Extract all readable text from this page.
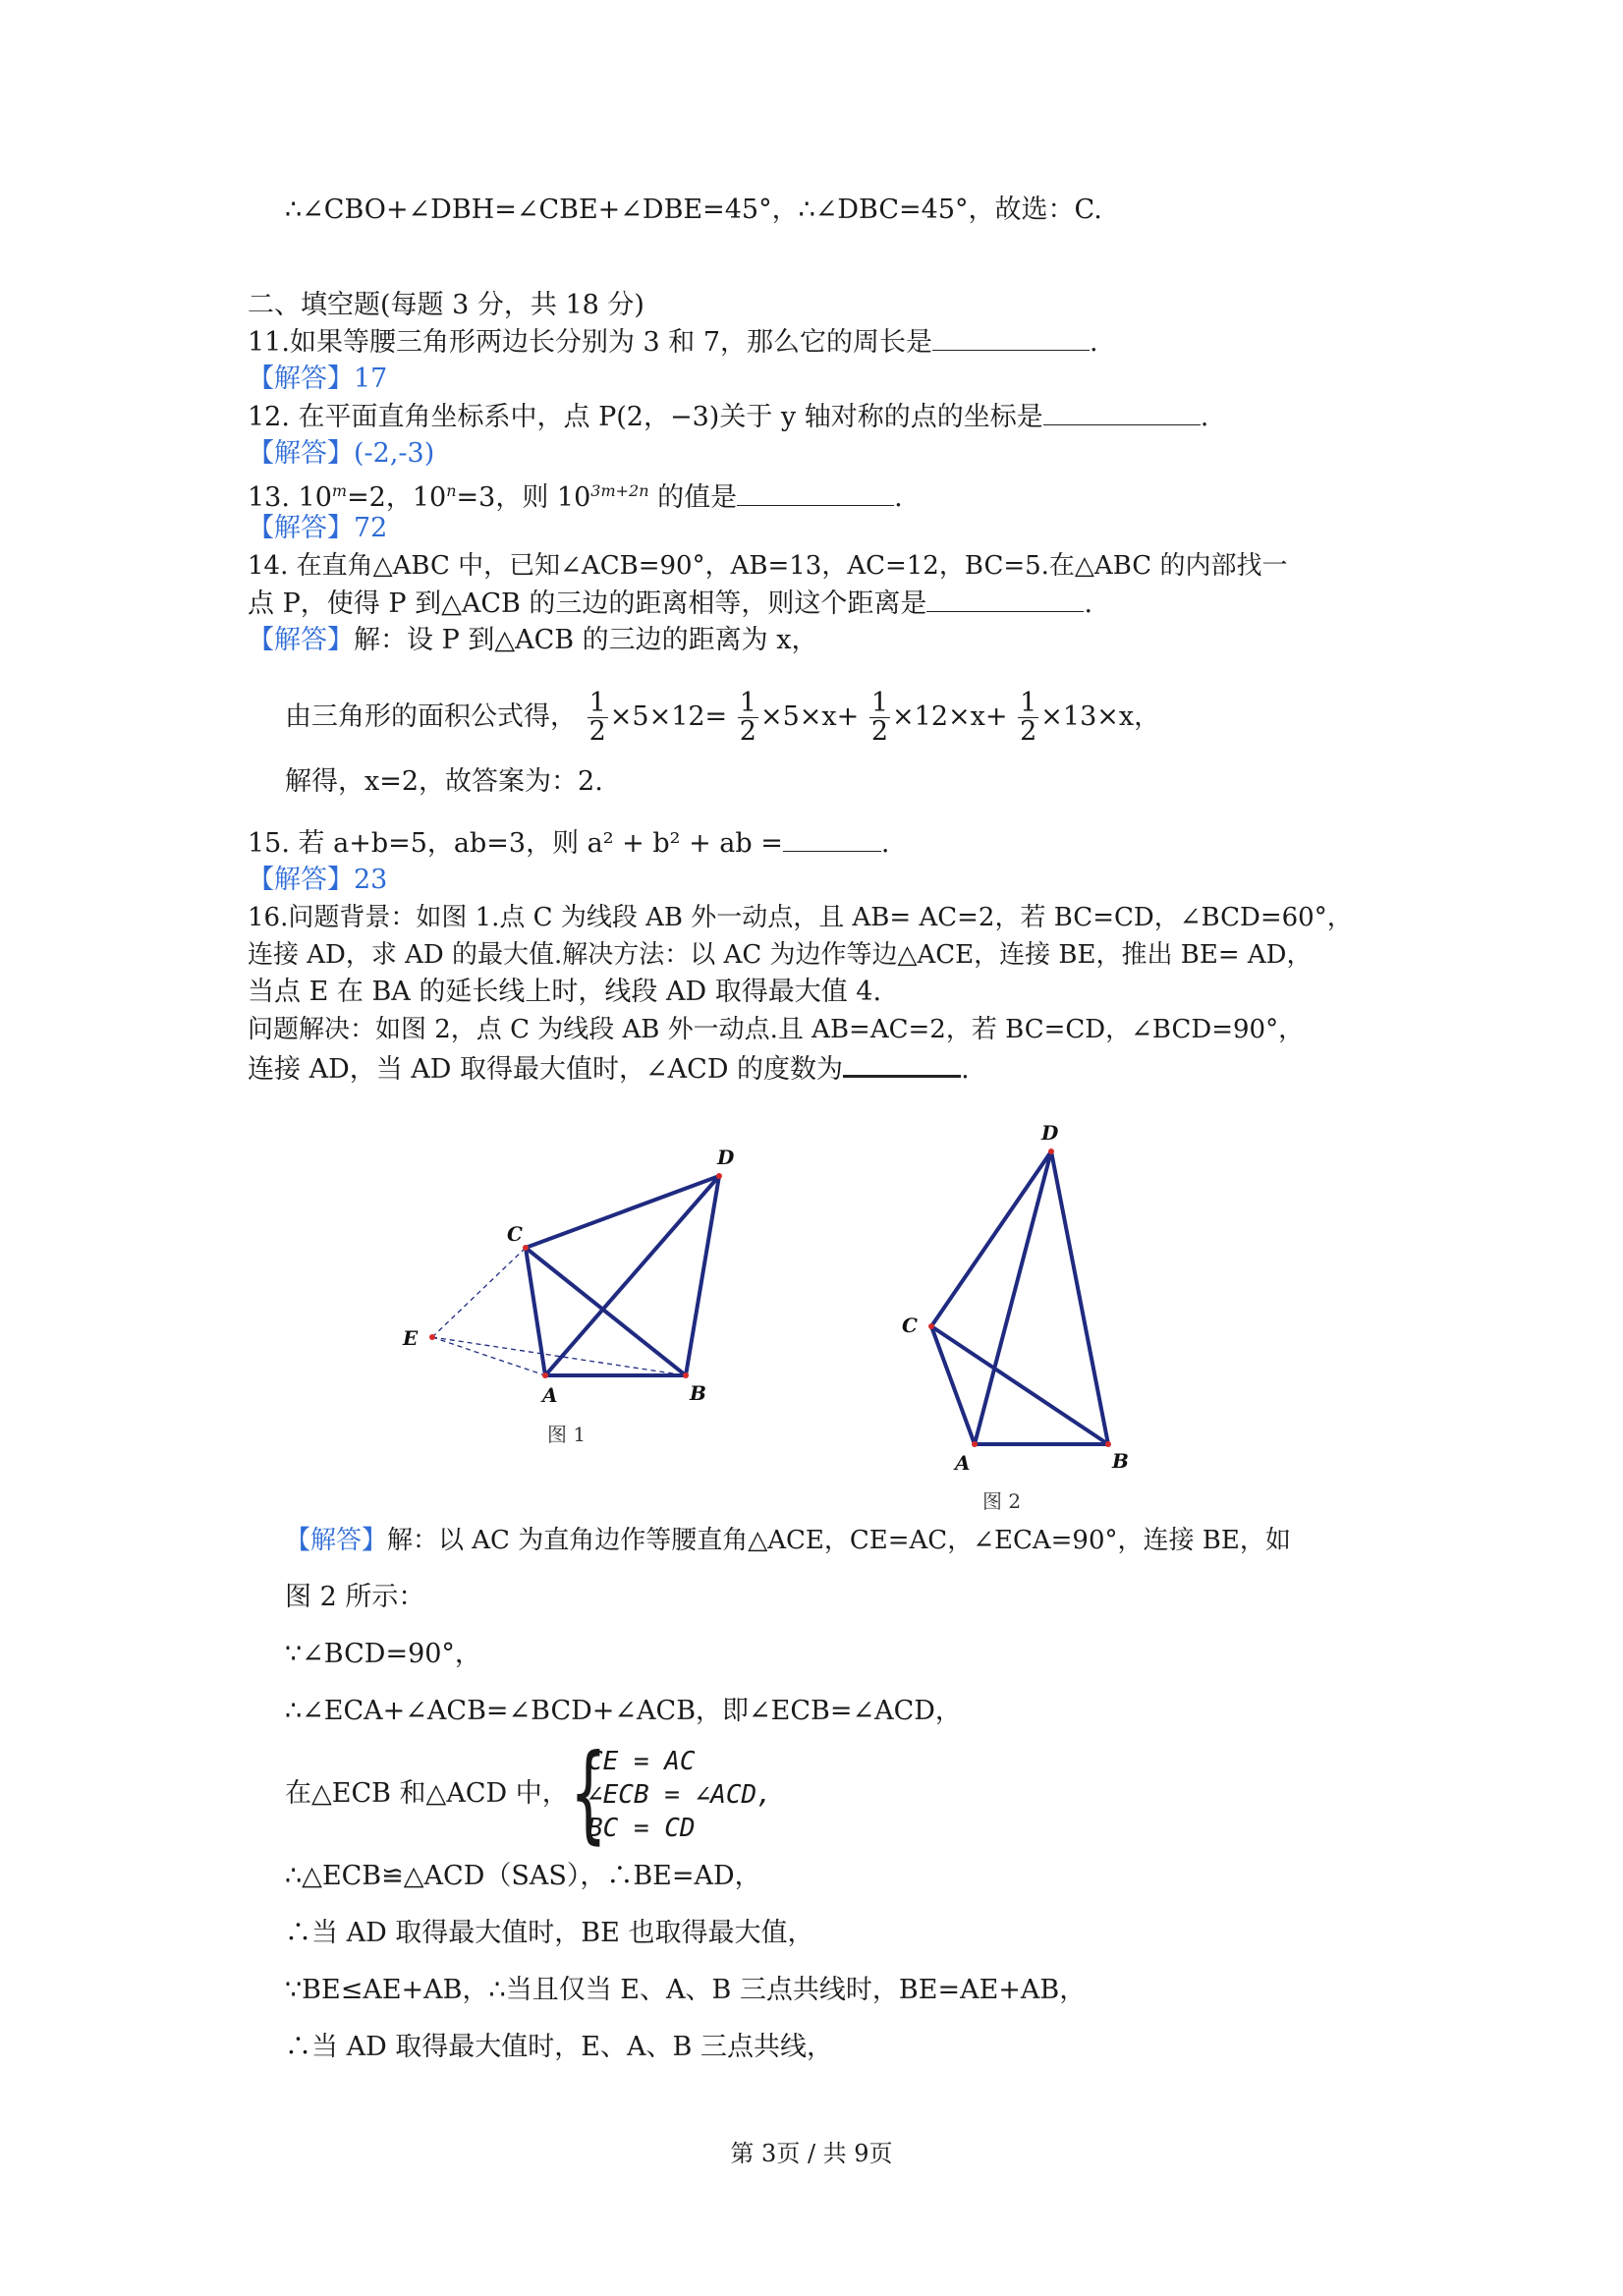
∴∠CBO+∠DBH=∠CBE+∠DBE=45°，∴∠DBC=45°，故选：C.
二、填空题(每题 3 分，共 18 分)
11.如果等腰三角形两边长分别为 3 和 7，那么它的周长是	.
【解答】17
12. 在平面直角坐标系中，点 P(2，−3)关于 y 轴对称的点的坐标是	.
【解答】(-2,-3)
13. $10^m=2$，$10^n=3$，则 $10^{3m+2n}$ 的值是	.
【解答】72
14. 在直角△ABC 中，已知∠ACB=90°，AB=13，AC=12，BC=5.在△ABC 的内部找一
点 P，使得 P 到△ACB 的三边的距离相等，则这个距离是	.
【解答】解：设 P 到△ACB 的三边的距离为 x，
由三角形的面积公式得， $\frac{1}{2} \times 5\times 12= \frac{1}{2} \times 5\times x+ \frac{1}{2} \times 12\times x+ \frac{1}{2} \times 13\times x$，
解得，x=2，故答案为：2.
15. 若 a+b=5，ab=3，则 a² + b² + ab =	.
【解答】23
16.问题背景：如图 1.点 C 为线段 AB 外一动点，且 AB= AC=2，若 BC=CD，∠BCD=60°，
连接 AD，求 AD 的最大值.解决方法：以 AC 为边作等边△ACE，连接 BE，推出 BE= AD，
当点 E 在 BA 的延长线上时，线段 AD 取得最大值 4.
问题解决：如图 2，点 C 为线段 AB 外一动点.且 AB=AC=2，若 BC=CD，∠BCD=90°，
连接 AD，当 AD 取得最大值时，∠ACD 的度数为	.
E
C
A	B
D
图 1
C
A	B
D
图 2
【解答】解：以 AC 为直角边作等腰直角△ACE，CE=AC，∠ECA=90°，连接 BE，如
图 2 所示：
∵∠BCD=90°，
∴∠ECA+∠ACB=∠BCD+∠ACB，即∠ECB=∠ACD，
在△ECB 和△ACD 中， {
CE = AC
∠ECB = ∠ACD,
BC = CD
∴△ECB≌△ACD（SAS），∴BE=AD，
∴当 AD 取得最大值时，BE 也取得最大值，
∵BE≤AE+AB，∴当且仅当 E、A、B 三点共线时，BE=AE+AB，
∴当 AD 取得最大值时，E、A、B 三点共线，
第 3页 / 共 9页
